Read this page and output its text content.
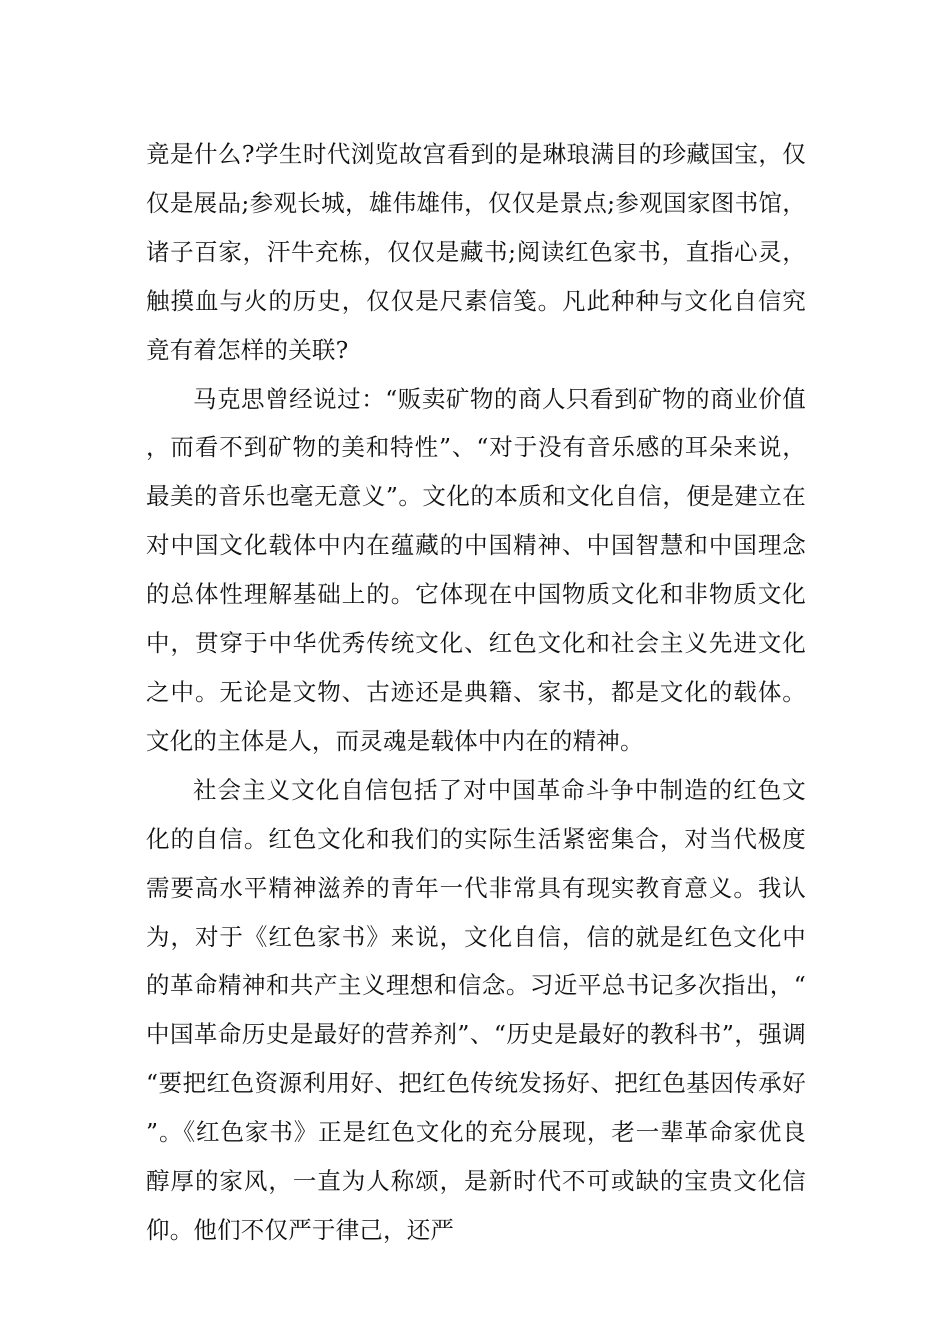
竟是什么?学生时代浏览故宫看到的是琳琅满目的珍藏国宝，仅仅是展品;参观长城，雄伟雄伟，仅仅是景点;参观国家图书馆，诸子百家，汗牛充栋，仅仅是藏书;阅读红色家书，直指心灵，触摸血与火的历史，仅仅是尺素信笺。凡此种种与文化自信究竟有着怎样的关联?

马克思曾经说过：“贩卖矿物的商人只看到矿物的商业价值，而看不到矿物的美和特性”、“对于没有音乐感的耳朵来说，最美的音乐也毫无意义”。文化的本质和文化自信，便是建立在对中国文化载体中内在蕴藏的中国精神、中国智慧和中国理念的总体性理解基础上的。它体现在中国物质文化和非物质文化中，贯穿于中华优秀传统文化、红色文化和社会主义先进文化之中。无论是文物、古迹还是典籍、家书，都是文化的载体。文化的主体是人，而灵魂是载体中内在的精神。

社会主义文化自信包括了对中国革命斗争中制造的红色文化的自信。红色文化和我们的实际生活紧密集合，对当代极度需要高水平精神滋养的青年一代非常具有现实教育意义。我认为，对于《红色家书》来说，文化自信，信的就是红色文化中的革命精神和共产主义理想和信念。习近平总书记多次指出，“中国革命历史是最好的营养剂”、“历史是最好的教科书”，强调“要把红色资源利用好、把红色传统发扬好、把红色基因传承好”。《红色家书》正是红色文化的充分展现，老一辈革命家优良醇厚的家风，一直为人称颂，是新时代不可或缺的宝贵文化信仰。他们不仅严于律己，还严
